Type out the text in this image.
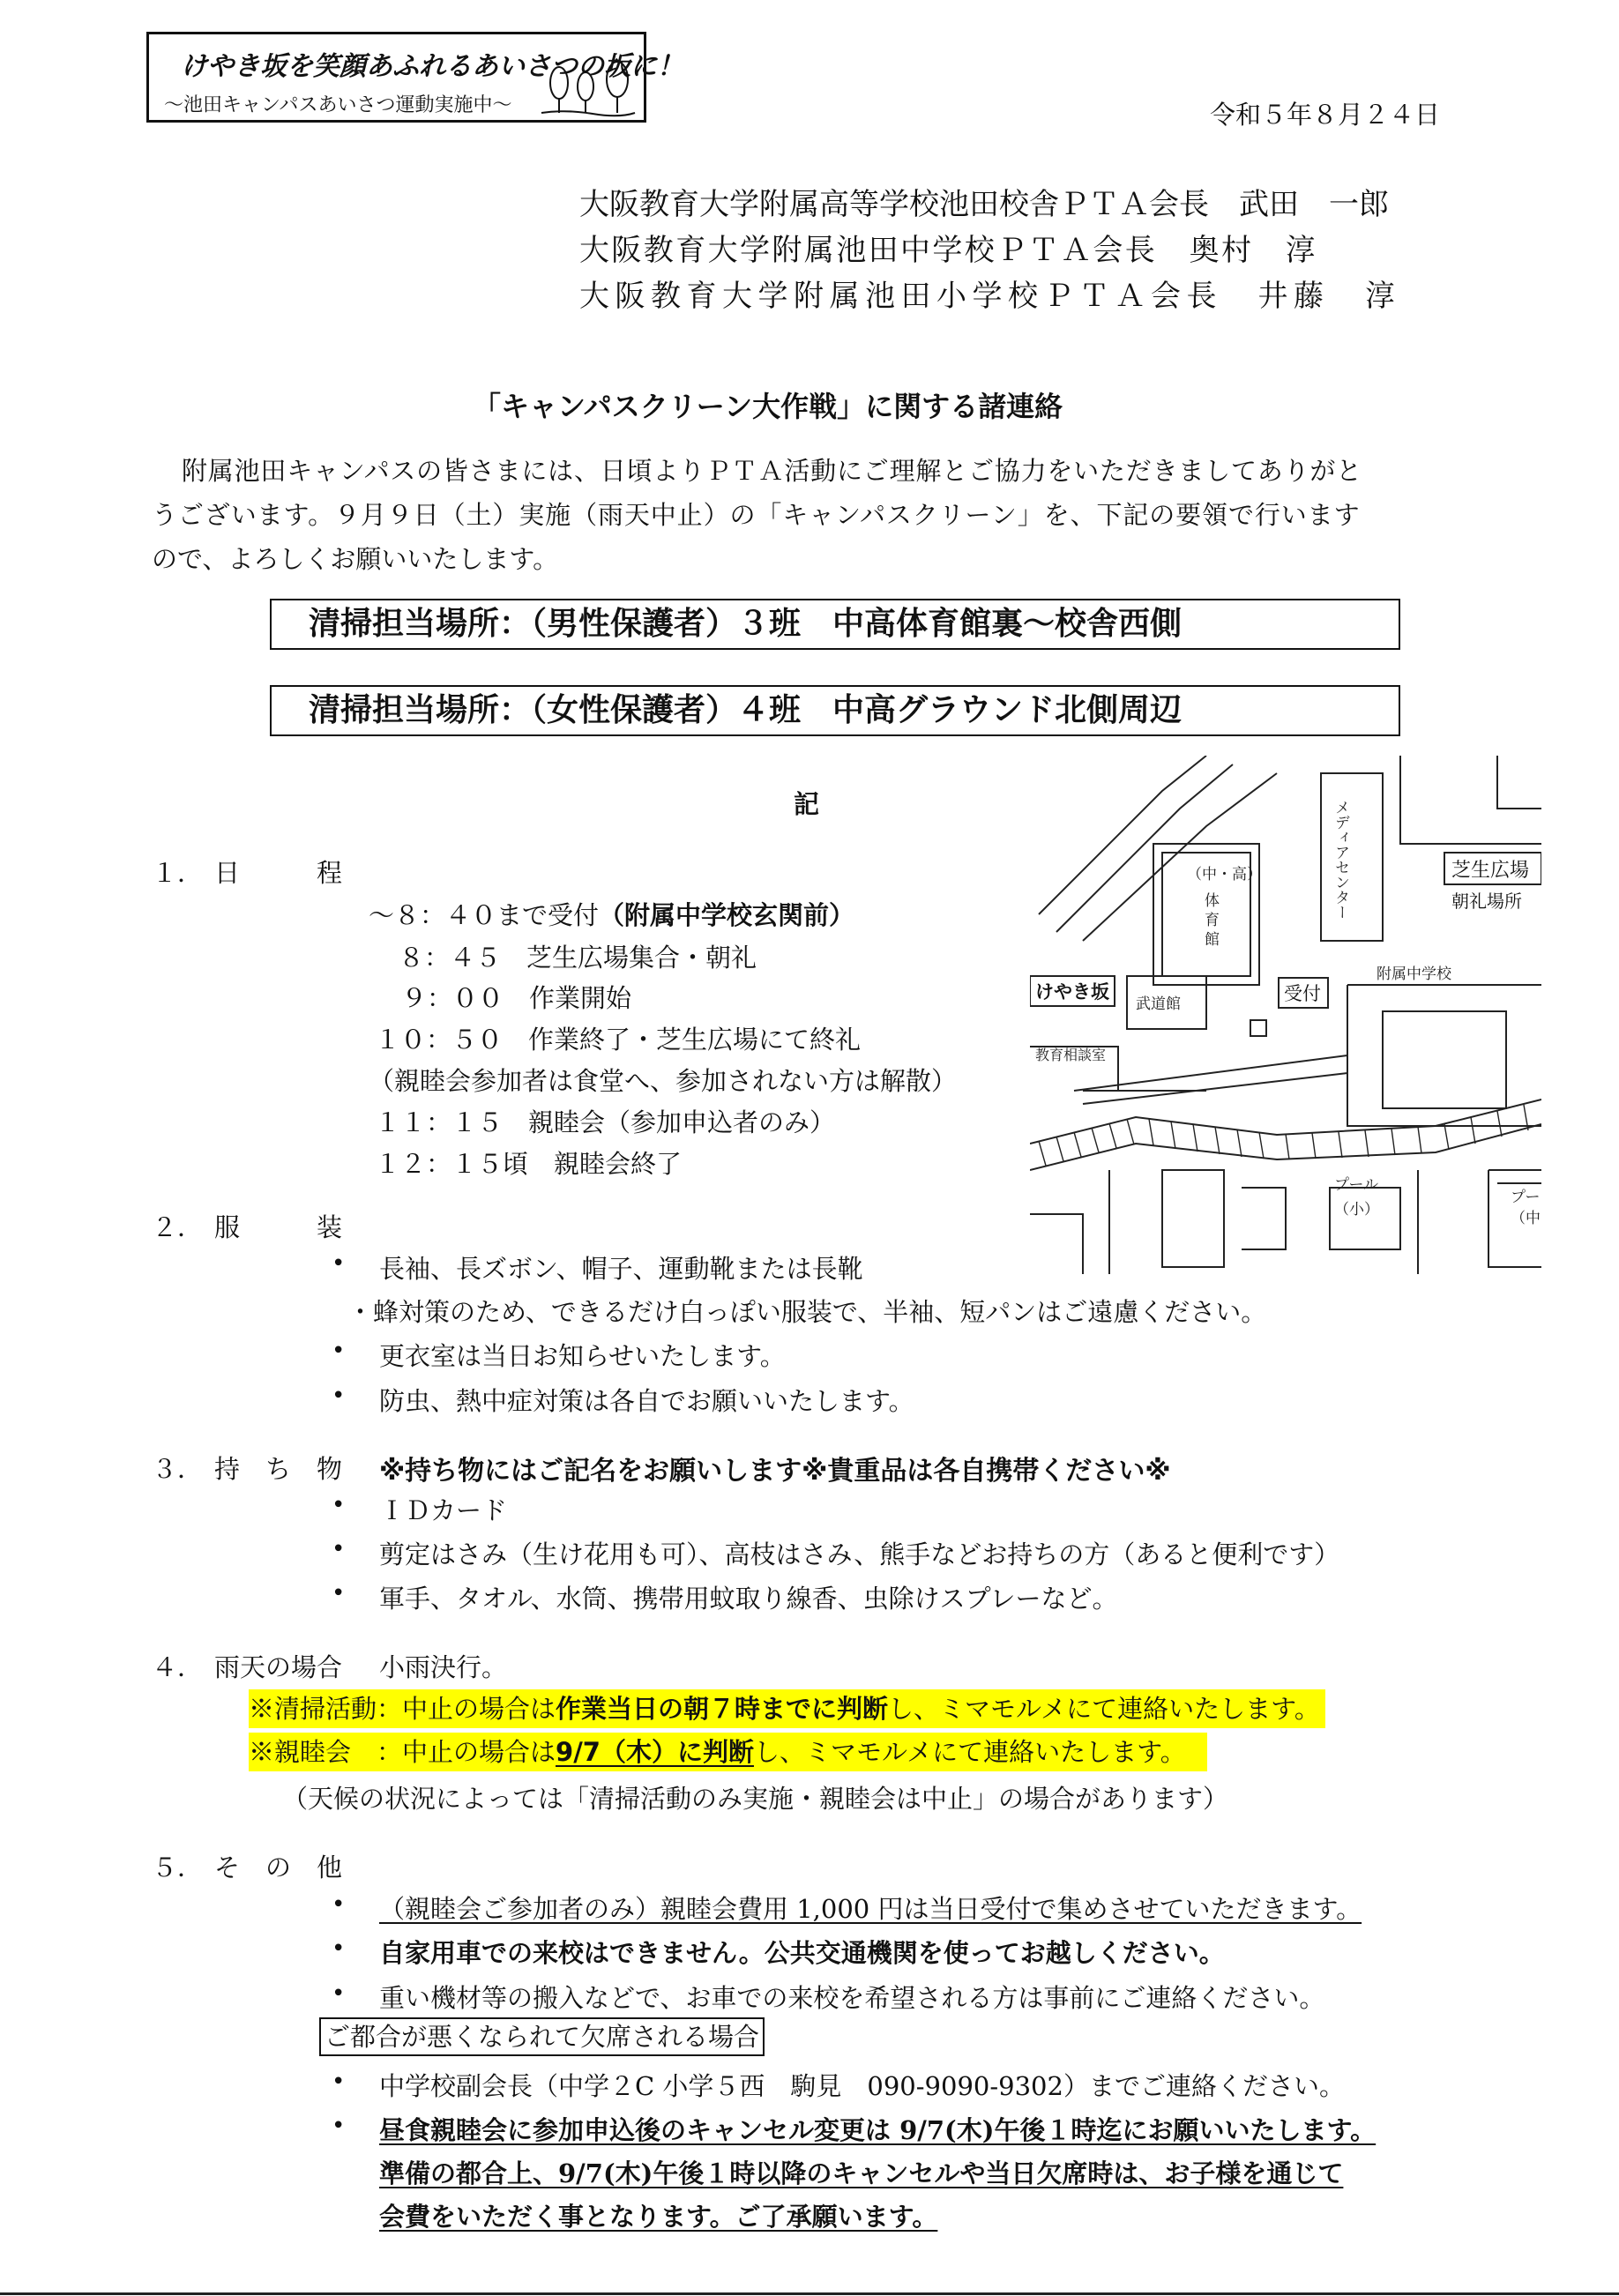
けやき坂を笑顔あふれるあいさつの坂に！
～池田キャンパスあいさつ運動実施中～	令和５年８月２４日
大阪教育大学附属高等学校池田校舎ＰＴＡ会長　武田　一郎
大阪教育大学附属池田中学校ＰＴＡ会長　奥村　淳
大阪教育大学附属池田小学校ＰＴＡ会長　井藤　淳
「キャンパスクリーン大作戦」に関する諸連絡
附属池田キャンパスの皆さまには、日頃よりＰＴＡ活動にご理解とご協力をいただきましてありがと
うございます。９月９日（土）実施（雨天中止）の「キャンパスクリーン」を、下記の要領で行います
ので、よろしくお願いいたします。
清掃担当場所：（男性保護者）３班　中高体育館裏～校舎西側
清掃担当場所：（女性保護者）４班　中高グラウンド北側周辺
記
（中・高）
体
育
館
メディアセンター
武道館
附属中学校
教育相談室
プール
（小）
プー
（中
芝生広場
朝礼場所
けやき坂	受付
１． 日　　　程
～８：４０まで受付（附属中学校玄関前）
８：４５　芝生広場集合・朝礼
９：００　作業開始
１０：５０　作業終了・芝生広場にて終礼
（親睦会参加者は食堂へ、参加されない方は解散）
１１：１５　親睦会（参加申込者のみ）
１２：１５頃　親睦会終了
２． 服　　　装
• 長袖、長ズボン、帽子、運動靴または長靴
・蜂対策のため、できるだけ白っぽい服装で、半袖、短パンはご遠慮ください。
• 更衣室は当日お知らせいたします。
• 防虫、熱中症対策は各自でお願いいたします。
３． 持　ち　物 ※持ち物にはご記名をお願いします※貴重品は各自携帯ください※
• ＩＤカード
• 剪定はさみ（生け花用も可）、高枝はさみ、熊手などお持ちの方（あると便利です）
• 軍手、タオル、水筒、携帯用蚊取り線香、虫除けスプレーなど。
４． 雨天の場合 小雨決行。
※清掃活動：中止の場合は作業当日の朝７時までに判断し、ミマモルメにて連絡いたします。
※親睦会　：中止の場合は9/7（木）に判断し、ミマモルメにて連絡いたします。
（天候の状況によっては「清掃活動のみ実施・親睦会は中止」の場合があります）
５． そ　の　他
• （親睦会ご参加者のみ）親睦会費用 1,000 円は当日受付で集めさせていただきます。
• 自家用車での来校はできません。公共交通機関を使ってお越しください。
• 重い機材等の搬入などで、お車での来校を希望される方は事前にご連絡ください。
ご都合が悪くなられて欠席される場合
• 中学校副会長（中学２C 小学５西　駒見　090-9090-9302）までご連絡ください。
• 昼食親睦会に参加申込後のキャンセル変更は 9/7(木)午後１時迄にお願いいたします。
準備の都合上、9/7(木)午後１時以降のキャンセルや当日欠席時は、お子様を通じて
会費をいただく事となります。ご了承願います。
